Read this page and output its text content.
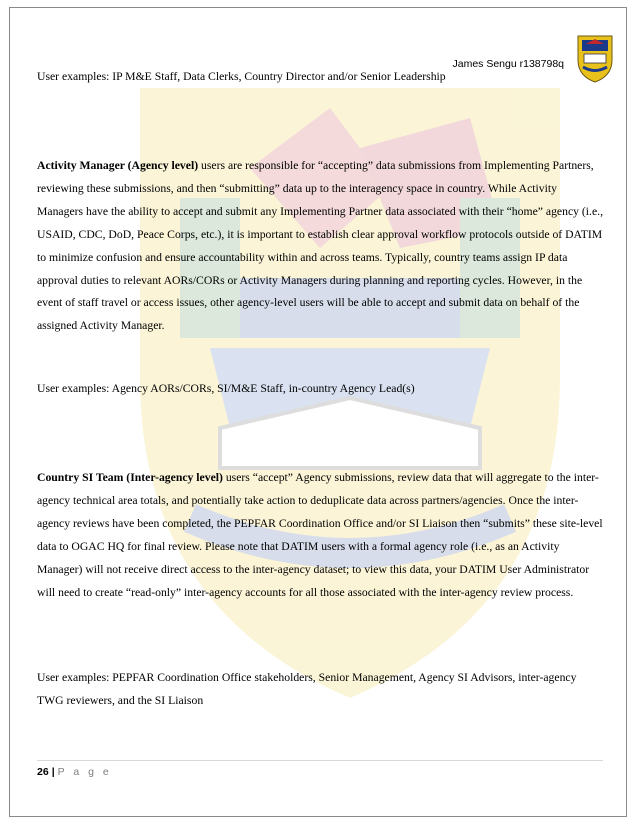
James Sengu r138798q

User examples: IP M&E Staff, Data Clerks, Country Director and/or Senior Leadership

Activity Manager (Agency level) users are responsible for “accepting” data submissions from Implementing Partners, reviewing these submissions, and then “submitting” data up to the interagency space in country. While Activity Managers have the ability to accept and submit any Implementing Partner data associated with their “home” agency (i.e., USAID, CDC, DoD, Peace Corps, etc.), it is important to establish clear approval workflow protocols outside of DATIM to minimize confusion and ensure accountability within and across teams. Typically, country teams assign IP data approval duties to relevant AORs/CORs or Activity Managers during planning and reporting cycles. However, in the event of staff travel or access issues, other agency-level users will be able to accept and submit data on behalf of the assigned Activity Manager.

User examples: Agency AORs/CORs, SI/M&E Staff, in-country Agency Lead(s)

Country SI Team (Inter-agency level) users “accept” Agency submissions, review data that will aggregate to the inter-agency technical area totals, and potentially take action to deduplicate data across partners/agencies. Once the inter-agency reviews have been completed, the PEPFAR Coordination Office and/or SI Liaison then “submits” these site-level data to OGAC HQ for final review. Please note that DATIM users with a formal agency role (i.e., as an Activity Manager) will not receive direct access to the inter-agency dataset; to view this data, your DATIM User Administrator will need to create “read-only” inter-agency accounts for all those associated with the inter-agency review process.

User examples: PEPFAR Coordination Office stakeholders, Senior Management, Agency SI Advisors, inter-agency TWG reviewers, and the SI Liaison

26 | P a g e
